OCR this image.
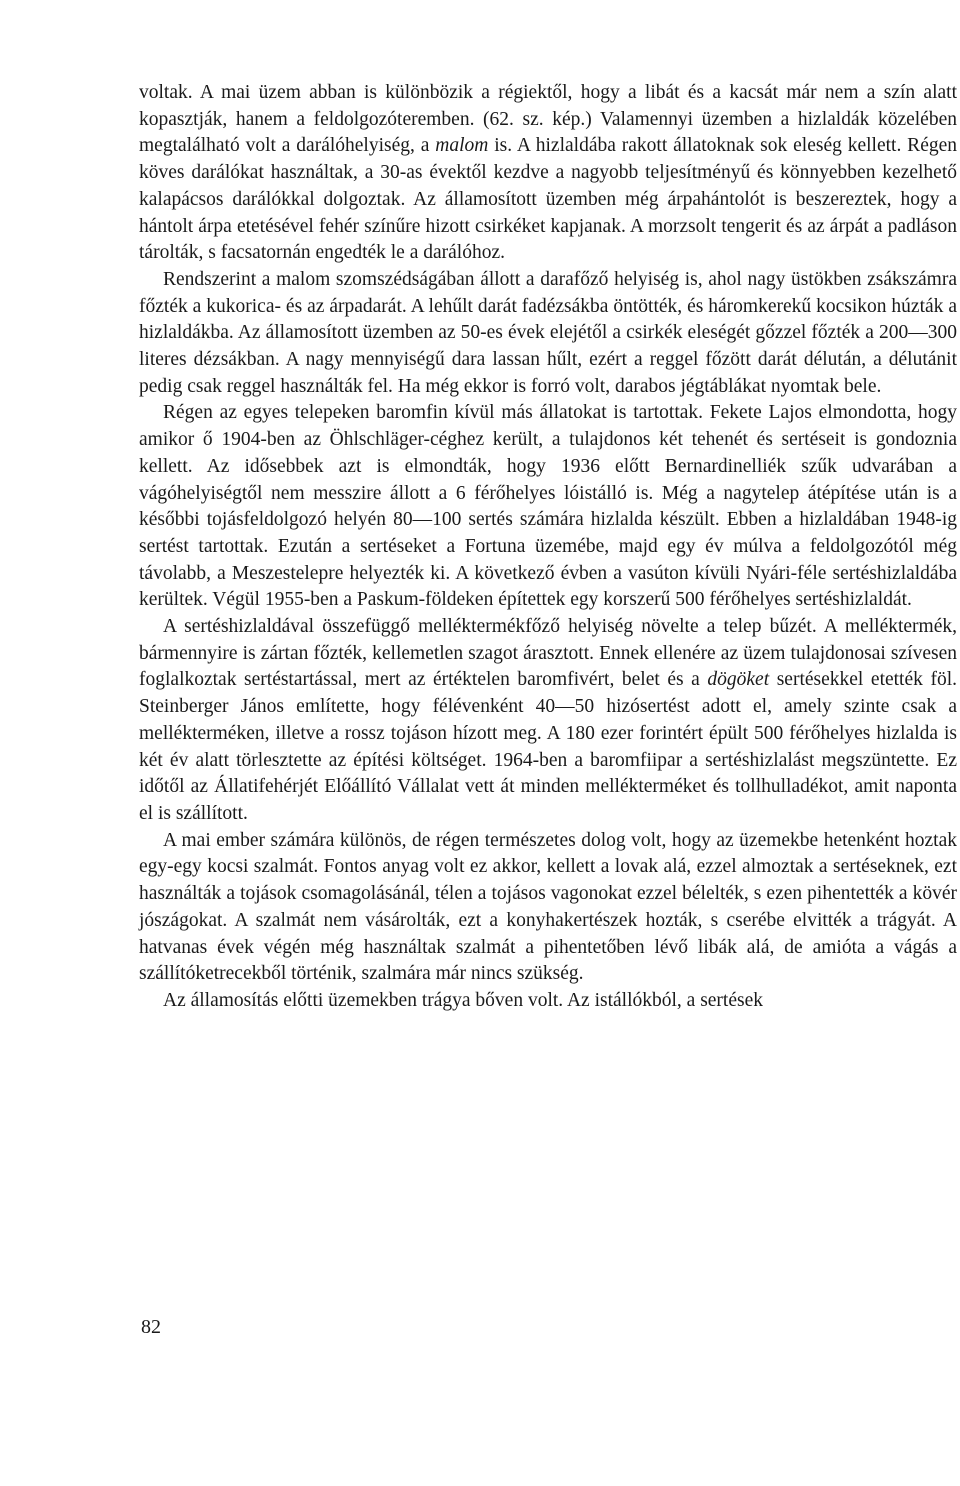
voltak. A mai üzem abban is különbözik a régiektől, hogy a libát és a kacsát már nem a szín alatt kopasztják, hanem a feldolgozóteremben. (62. sz. kép.) Valamennyi üzemben a hizlaldák közelében megtalálható volt a darálóhelyiség, a malom is. A hizlaldába rakott állatoknak sok eleség kellett. Régen köves darálókat használtak, a 30-as évektől kezdve a nagyobb teljesítményű és könnyebben kezelhető kalapácsos darálókkal dolgoztak. Az államosított üzemben még árpahántolót is beszereztek, hogy a hántolt árpa etetésével fehér színűre hizott csirkéket kapjanak. A morzsolt tengerit és az árpát a padláson tárolták, s facsatornán engedték le a darálóhoz.

Rendszerint a malom szomszédságában állott a darafőző helyiség is, ahol nagy üstökben zsákszámra főzték a kukorica- és az árpadarát. A lehűlt darát fadézsákba öntötték, és háromkerekű kocsikon húzták a hizlaldákba. Az államosított üzemben az 50-es évek elejétől a csirkék eleségét gőzzel főzték a 200—300 literes dézsákban. A nagy mennyiségű dara lassan hűlt, ezért a reggel főzött darát délután, a délutánit pedig csak reggel használták fel. Ha még ekkor is forró volt, darabos jégtáblákat nyomtak bele.

Régen az egyes telepeken baromfin kívül más állatokat is tartottak. Fekete Lajos elmondotta, hogy amikor ő 1904-ben az Öhlschläger-céghez került, a tulajdonos két tehenét és sertéseit is gondoznia kellett. Az idősebbek azt is elmondták, hogy 1936 előtt Bernardinelliék szűk udvarában a vágóhelyiségtől nem messzire állott a 6 férőhelyes lóistálló is. Még a nagytelep átépítése után is a későbbi tojásfeldolgozó helyén 80—100 sertés számára hizlalda készült. Ebben a hizlaldában 1948-ig sertést tartottak. Ezután a sertéseket a Fortuna üzemébe, majd egy év múlva a feldolgozótól még távolabb, a Meszestelepre helyezték ki. A következő évben a vasúton kívüli Nyári-féle sertéshizlaldába kerültek. Végül 1955-ben a Paskum-földeken építettek egy korszerű 500 férőhelyes sertéshizlaldát.

A sertéshizlaldával összefüggő melléktermékfőző helyiség növelte a telep bűzét. A melléktermék, bármennyire is zártan főzték, kellemetlen szagot árasztott. Ennek ellenére az üzem tulajdonosai szívesen foglalkoztak sertéstartással, mert az értéktelen baromfivért, belet és a dögöket sertésekkel etették föl. Steinberger János említette, hogy félévenként 40—50 hizósertést adott el, amely szinte csak a mellékterméken, illetve a rossz tojáson hízott meg. A 180 ezer forintért épült 500 férőhelyes hizlalda is két év alatt törlesztette az építési költséget. 1964-ben a baromfiipar a sertéshizlalást megszüntette. Ez időtől az Állatifehérjét Előállító Vállalat vett át minden mellékterméket és tollhulladékot, amit naponta el is szállított.

A mai ember számára különös, de régen természetes dolog volt, hogy az üzemekbe hetenként hoztak egy-egy kocsi szalmát. Fontos anyag volt ez akkor, kellett a lovak alá, ezzel almoztak a sertéseknek, ezt használták a tojások csomagolásánál, télen a tojásos vagonokat ezzel bélelték, s ezen pihentették a kövér jószágokat. A szalmát nem vásárolták, ezt a konyhakertészek hozták, s cserébe elvitték a trágyát. A hatvanas évek végén még használtak szalmát a pihentetőben lévő libák alá, de amióta a vágás a szállítóketrecekből történik, szalmára már nincs szükség.

Az államosítás előtti üzemekben trágya bőven volt. Az istállókból, a sertések

82
